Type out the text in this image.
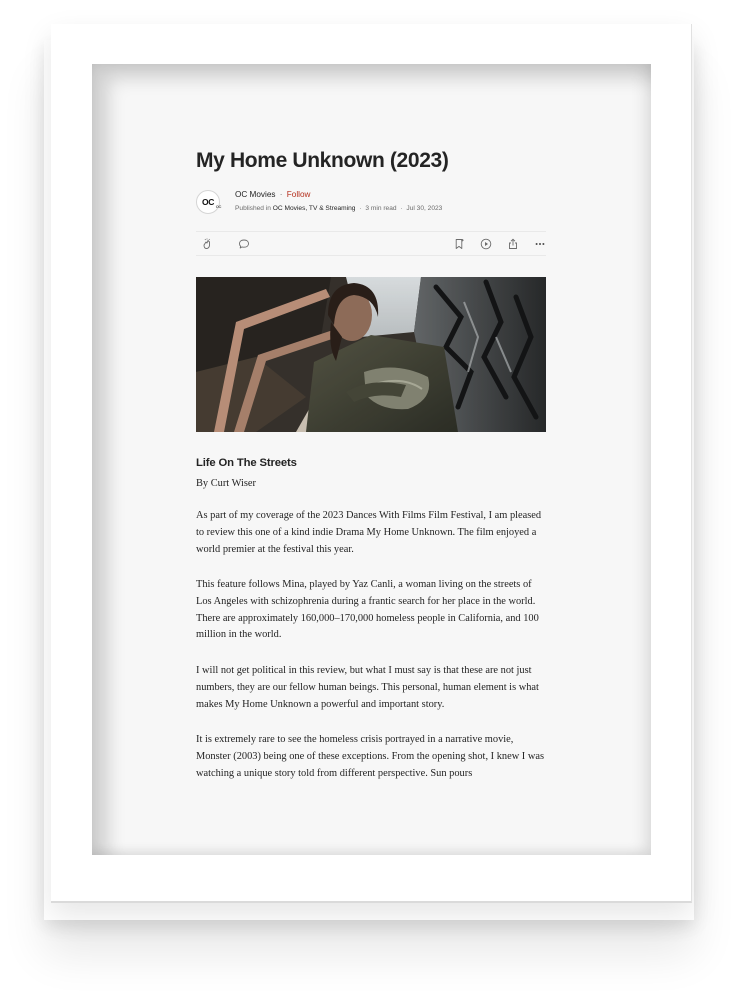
My Home Unknown (2023)
OC OC
OC Movies · Follow
Published in OC Movies, TV & Streaming · 3 min read · Jul 30, 2023
Life On The Streets

By Curt Wiser

As part of my coverage of the 2023 Dances With Films Film Festival, I am pleased to review this one of a kind indie Drama My Home Unknown. The film enjoyed a world premier at the festival this year.

This feature follows Mina, played by Yaz Canli, a woman living on the streets of Los Angeles with schizophrenia during a frantic search for her place in the world. There are approximately 160,000–170,000 homeless people in California, and 100 million in the world.

I will not get political in this review, but what I must say is that these are not just numbers, they are our fellow human beings. This personal, human element is what makes My Home Unknown a powerful and important story.

It is extremely rare to see the homeless crisis portrayed in a narrative movie, Monster (2003) being one of these exceptions. From the opening shot, I knew I was watching a unique story told from different perspective. Sun pours
